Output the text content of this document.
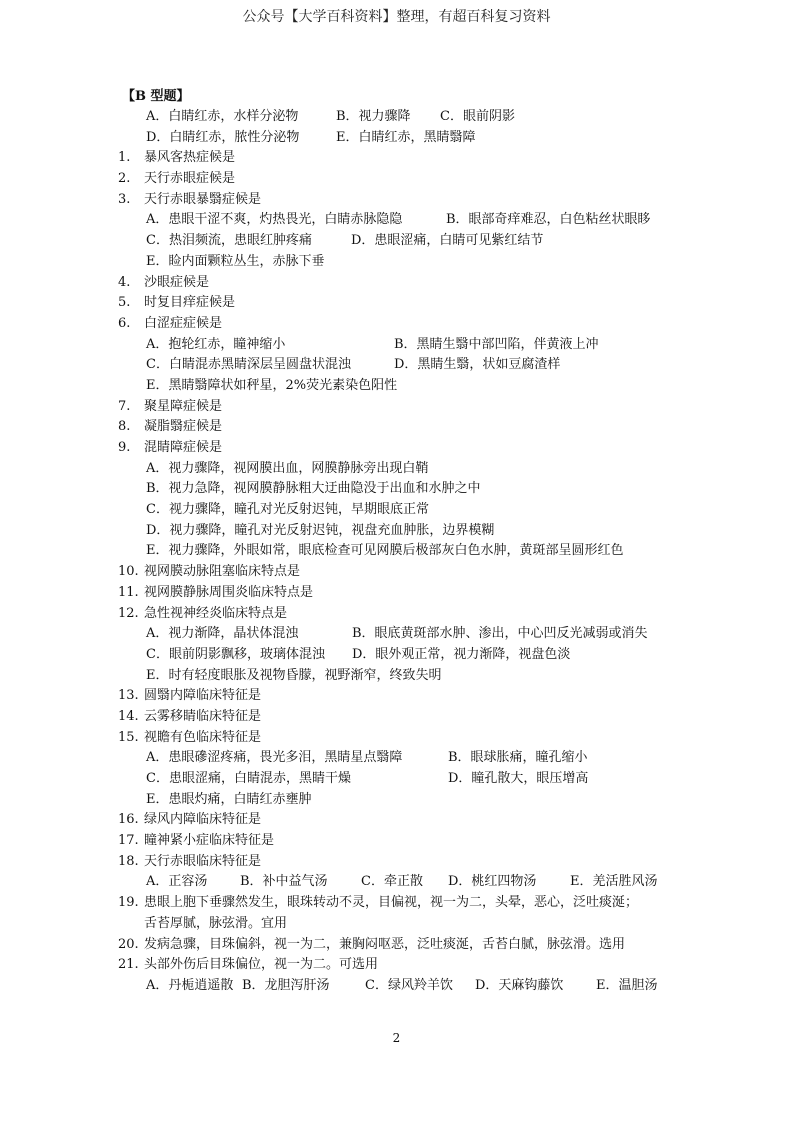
公众号【大学百科资料】整理，有超百科复习资料
【B 型题】
A．白睛红赤，水样分泌物	B．视力骤降 C．眼前阴影
D．白睛红赤，脓性分泌物	E．白睛红赤，黑睛翳障
1. 暴风客热症候是
2. 天行赤眼症候是
3. 天行赤眼暴翳症候是
A．患眼干涩不爽，灼热畏光，白睛赤脉隐隐	B．眼部奇痒难忍，白色粘丝状眼眵
C．热泪频流，患眼红肿疼痛	D．患眼涩痛，白睛可见紫红结节
E．睑内面颗粒丛生，赤脉下垂
4. 沙眼症候是
5. 时复目痒症候是
6. 白涩症症候是
A．抱轮红赤，瞳神缩小	B．黑睛生翳中部凹陷，伴黄液上冲
C．白睛混赤黑睛深层呈圆盘状混浊	D．黑睛生翳，状如豆腐渣样
E．黑睛翳障状如秤星，2%荧光素染色阳性
7. 聚星障症候是
8. 凝脂翳症候是
9. 混睛障症候是
A．视力骤降，视网膜出血，网膜静脉旁出现白鞘
B．视力急降，视网膜静脉粗大迂曲隐没于出血和水肿之中
C．视力骤降，瞳孔对光反射迟钝，早期眼底正常
D．视力骤降，瞳孔对光反射迟钝，视盘充血肿胀，边界模糊
E．视力骤降，外眼如常，眼底检查可见网膜后极部灰白色水肿，黄斑部呈圆形红色
10. 视网膜动脉阻塞临床特点是
11. 视网膜静脉周围炎临床特点是
12. 急性视神经炎临床特点是
A．视力渐降，晶状体混浊	B．眼底黄斑部水肿、渗出，中心凹反光减弱或消失
C．眼前阴影飘移，玻璃体混浊 D．眼外观正常，视力渐降，视盘色淡
E．时有轻度眼胀及视物昏朦，视野渐窄，终致失明
13. 圆翳内障临床特征是
14. 云雾移睛临床特征是
15. 视瞻有色临床特征是
A．患眼磣涩疼痛，畏光多泪，黑睛星点翳障	B．眼球胀痛，瞳孔缩小
C．患眼涩痛，白睛混赤，黑睛干燥	D．瞳孔散大，眼压增高
E．患眼灼痛，白睛红赤壅肿
16. 绿风内障临床特征是
17. 瞳神紧小症临床特征是
18. 天行赤眼临床特征是
A．正容汤	B．补中益气汤	C．牵正散 D．桃红四物汤	E．羌活胜风汤
19. 患眼上胞下垂骤然发生，眼珠转动不灵，目偏视，视一为二，头晕，恶心，泛吐痰涎；
舌苔厚腻，脉弦滑。宜用
20. 发病急骤，目珠偏斜，视一为二，兼胸闷呕恶，泛吐痰涎，舌苔白腻，脉弦滑。选用
21. 头部外伤后目珠偏位，视一为二。可选用
A．丹栀逍遥散 B．龙胆泻肝汤	C．绿风羚羊饮 D．天麻钩藤饮	E．温胆汤
2
